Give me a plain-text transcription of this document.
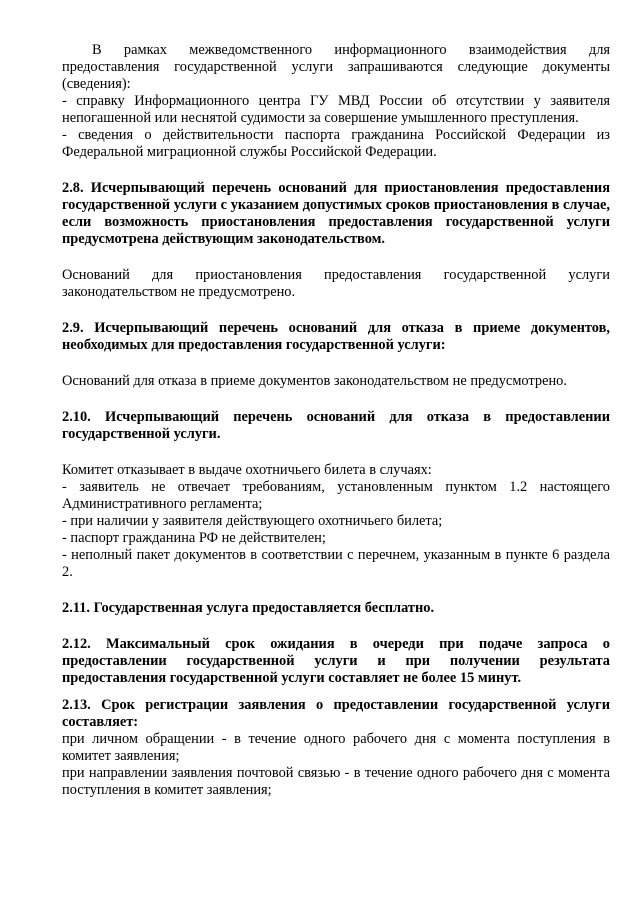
В рамках межведомственного информационного взаимодействия для предоставления государственной услуги запрашиваются следующие документы (сведения):

- справку Информационного центра ГУ МВД России об отсутствии у заявителя непогашенной или неснятой судимости за совершение умышленного преступления.

- сведения о действительности паспорта гражданина Российской Федерации из Федеральной миграционной службы Российской Федерации.

2.8. Исчерпывающий перечень оснований для приостановления предоставления государственной услуги с указанием допустимых сроков приостановления в случае, если возможность приостановления предоставления государственной услуги предусмотрена действующим законодательством.

Оснований для приостановления предоставления государственной услуги законодательством не предусмотрено.

2.9. Исчерпывающий перечень оснований для отказа в приеме документов, необходимых для предоставления государственной услуги:

Оснований для отказа в приеме документов законодательством не предусмотрено.

2.10. Исчерпывающий перечень оснований для отказа в предоставлении государственной услуги.

Комитет отказывает в выдаче охотничьего билета в случаях:

- заявитель не отвечает требованиям, установленным пунктом 1.2 настоящего Административного регламента;

- при наличии у заявителя действующего охотничьего билета;

- паспорт гражданина РФ не действителен;

- неполный пакет документов в соответствии с перечнем, указанным в пункте 6 раздела 2.

2.11. Государственная услуга предоставляется бесплатно.

2.12. Максимальный срок ожидания в очереди при подаче запроса о предоставлении государственной услуги и при получении результата предоставления государственной услуги составляет не более 15 минут.

2.13. Срок регистрации заявления о предоставлении государственной услуги составляет:

при личном обращении - в течение одного рабочего дня с момента поступления в комитет заявления;

при направлении заявления почтовой связью - в течение одного рабочего дня с момента поступления в комитет заявления;
